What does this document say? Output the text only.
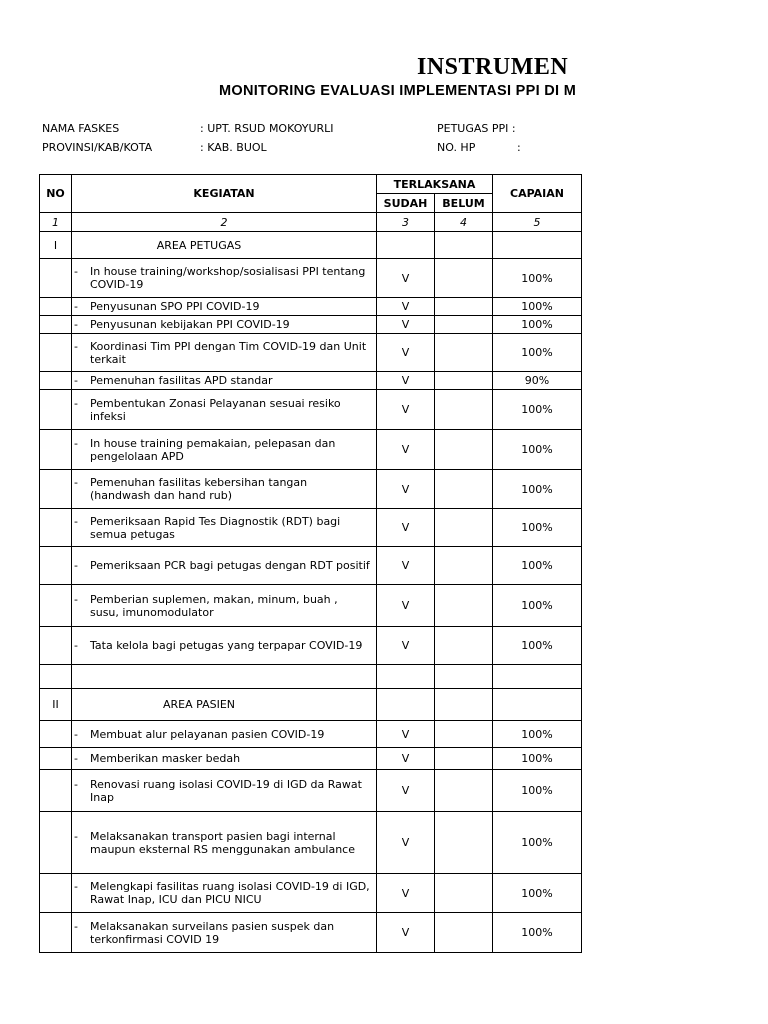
INSTRUMEN
MONITORING EVALUASI IMPLEMENTASI PPI DI M
NAMA FASKES	: UPT. RSUD MOKOYURLI
PROVINSI/KAB/KOTA	: KAB. BUOL
PETUGAS PPI :
NO. HP	:
NO	KEGIATAN	TERLAKSANA		CAPAIAN
		SUDAH	BELUM	
1	2	3	4	5
I	AREA PETUGAS			

	- In house training/workshop/sosialisasi PPI tentang COVID-19	V		100%
	- Penyusunan SPO PPI COVID-19	V		100%
	- Penyusunan kebijakan PPI COVID-19	V		100%
	- Koordinasi Tim PPI dengan Tim COVID-19 dan Unit terkait	V		100%
	- Pemenuhan fasilitas APD standar	V		90%
	- Pembentukan Zonasi Pelayanan sesuai resiko infeksi	V		100%
	- In house training pemakaian, pelepasan dan pengelolaan APD	V		100%
	- Pemenuhan fasilitas kebersihan tangan (handwash dan hand rub)	V		100%
	- Pemeriksaan Rapid Tes Diagnostik (RDT) bagi semua petugas	V		100%
	- Pemeriksaan PCR bagi petugas dengan RDT positif	V		100%
	- Pemberian suplemen, makan, minum, buah , susu, imunomodulator	V		100%
	- Tata kelola bagi petugas yang terpapar COVID-19	V		100%

II	AREA PASIEN			

	- Membuat alur pelayanan pasien COVID-19	V		100%
	- Memberikan masker bedah	V		100%
	- Renovasi ruang isolasi COVID-19 di IGD da Rawat Inap	V		100%
	- Melaksanakan transport pasien bagi internal maupun eksternal RS menggunakan ambulance	V		100%
	- Melengkapi fasilitas ruang isolasi COVID-19 di IGD, Rawat Inap, ICU dan PICU NICU	V		100%
	- Melaksanakan surveilans pasien suspek dan terkonfirmasi COVID 19	V		100%
